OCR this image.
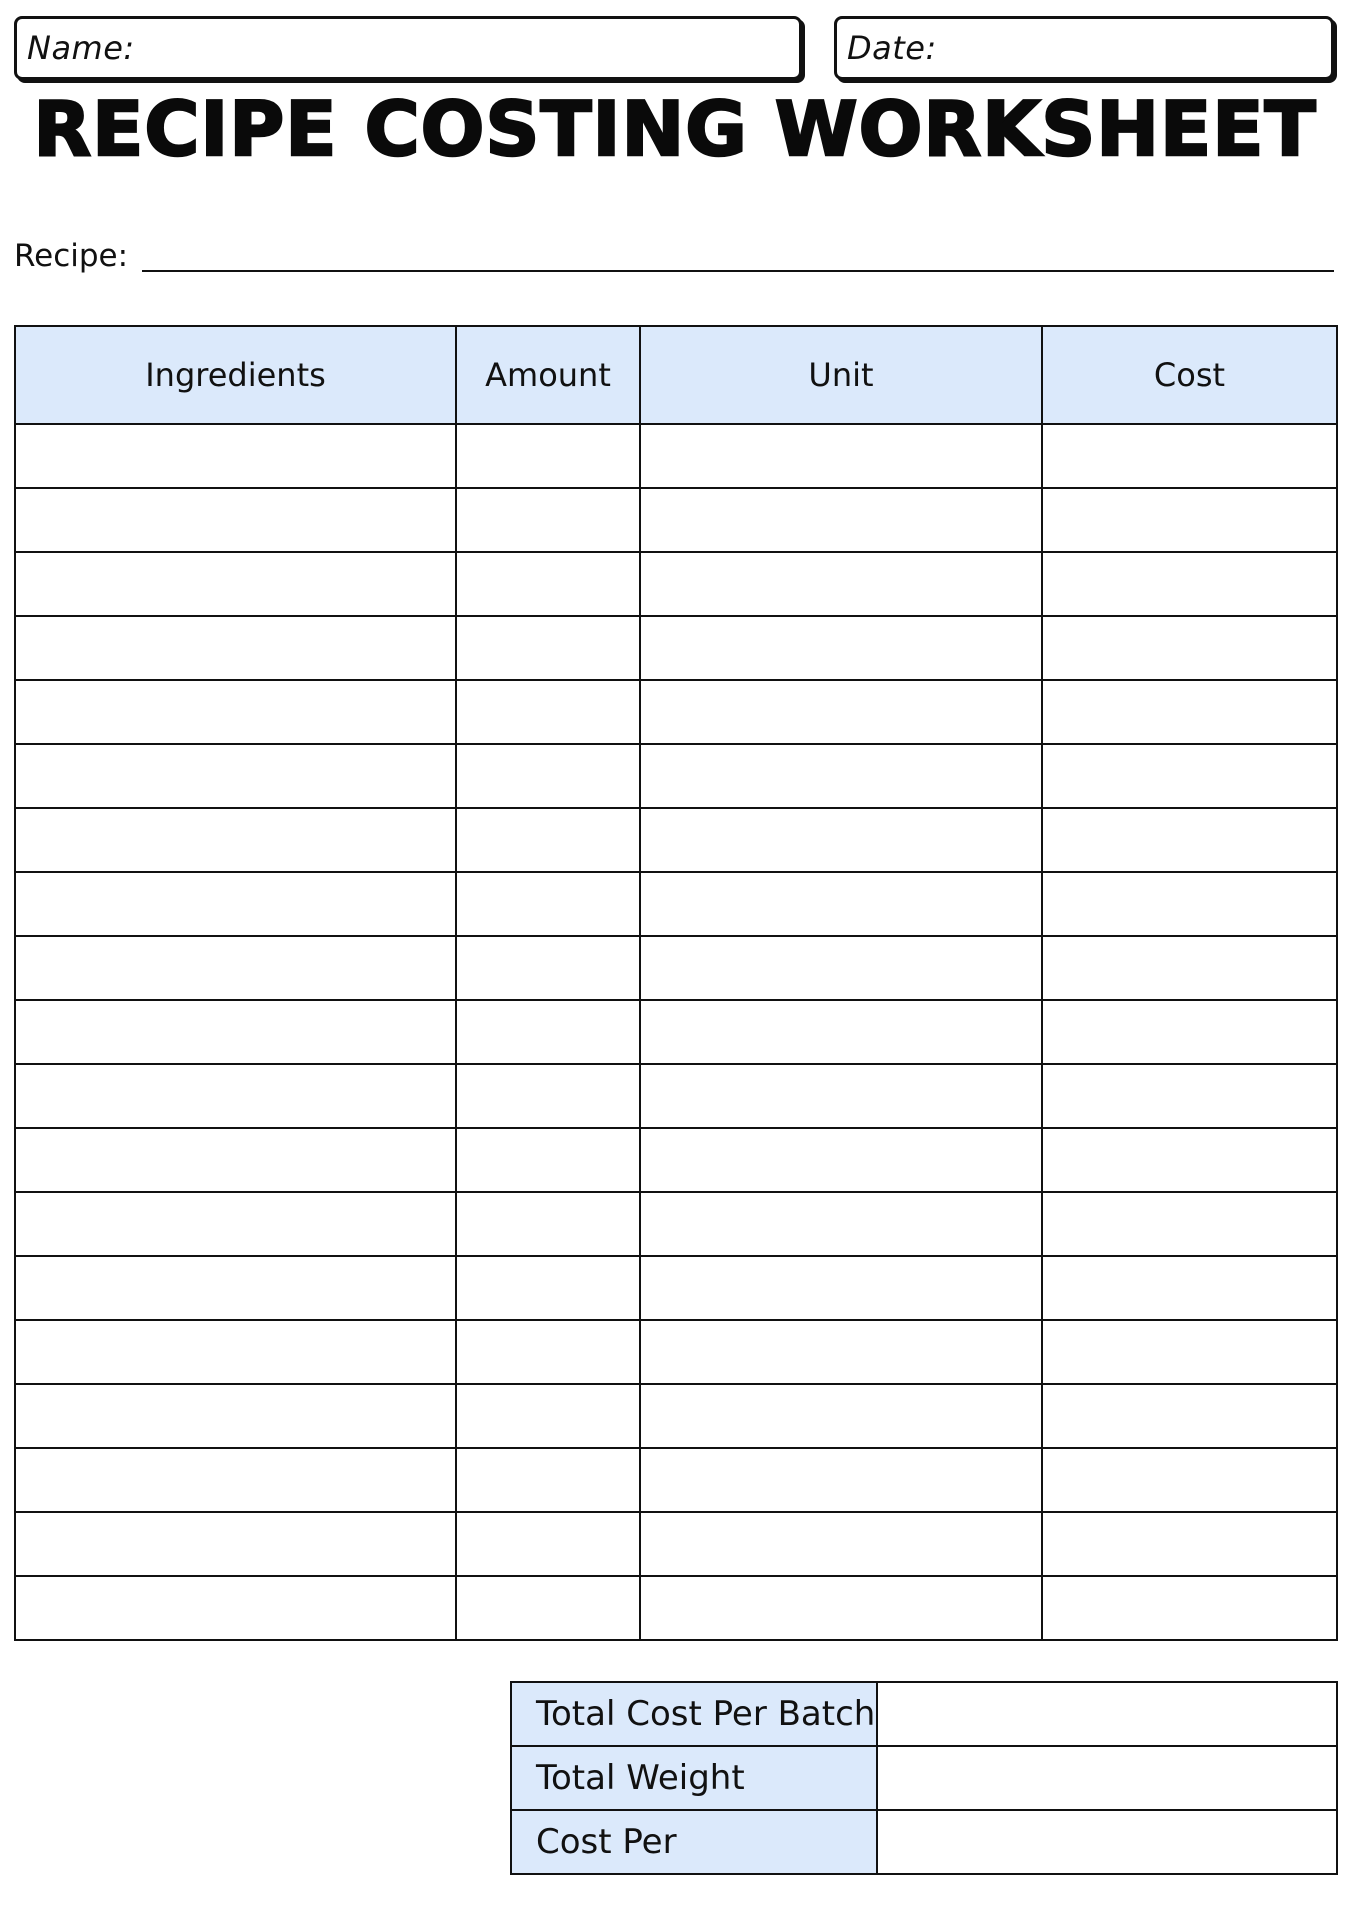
Name:	Date:
RECIPE COSTING WORKSHEET
Recipe:
Ingredients	Amount	Unit	Cost

Total Cost Per Batch	
Total Weight	
Cost Per	
